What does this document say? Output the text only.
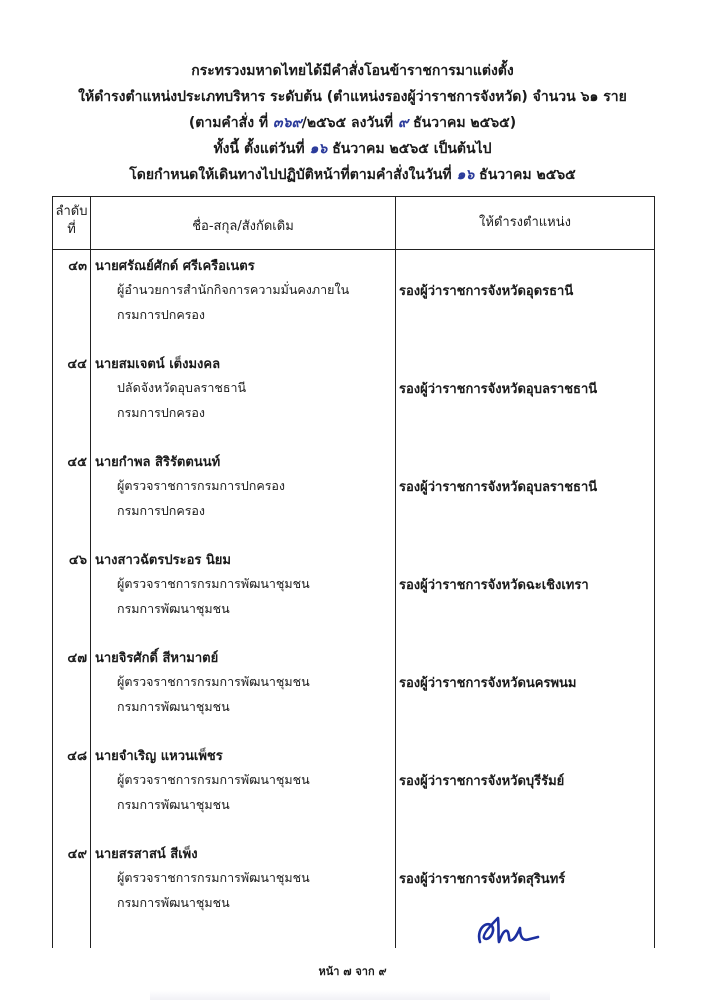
กระทรวงมหาดไทยได้มีคำสั่งโอนข้าราชการมาแต่งตั้ง
ให้ดำรงตำแหน่งประเภทบริหาร ระดับต้น (ตำแหน่งรองผู้ว่าราชการจังหวัด) จำนวน ๖๑ ราย
(ตามคำสั่ง ที่ ๓๖๙/๒๕๖๕ ลงวันที่ ๙ ธันวาคม ๒๕๖๕)
ทั้งนี้ ตั้งแต่วันที่ ๑๖ ธันวาคม ๒๕๖๕ เป็นต้นไป
โดยกำหนดให้เดินทางไปปฏิบัติหน้าที่ตามคำสั่งในวันที่ ๑๖ ธันวาคม ๒๕๖๕
ลำดับ
ที่	ชื่อ-สกุล/สังกัดเดิม	ให้ดำรงตำแหน่ง
๔๓ นายศรัณย์ศักด์ ศรีเครือเนตร
ผู้อำนวยการสำนักกิจการความมั่นคงภายใน
กรมการปกครอง
รองผู้ว่าราชการจังหวัดอุดรธานี
๔๔ นายสมเจตน์ เต็งมงคล
ปลัดจังหวัดอุบลราชธานี
กรมการปกครอง
รองผู้ว่าราชการจังหวัดอุบลราชธานี
๔๕ นายกำพล สิริรัตตนนท์
ผู้ตรวจราชการกรมการปกครอง
กรมการปกครอง
รองผู้ว่าราชการจังหวัดอุบลราชธานี
๔๖ นางสาวฉัตรประอร นิยม
ผู้ตรวจราชการกรมการพัฒนาชุมชน
กรมการพัฒนาชุมชน
รองผู้ว่าราชการจังหวัดฉะเชิงเทรา
๔๗ นายจิรศักดิ์ สีหามาตย์
ผู้ตรวจราชการกรมการพัฒนาชุมชน
กรมการพัฒนาชุมชน
รองผู้ว่าราชการจังหวัดนครพนม
๔๘ นายจำเริญ แหวนเพ็ชร
ผู้ตรวจราชการกรมการพัฒนาชุมชน
กรมการพัฒนาชุมชน
รองผู้ว่าราชการจังหวัดบุรีรัมย์
๔๙ นายสรสาสน์ สีเพ็ง
ผู้ตรวจราชการกรมการพัฒนาชุมชน
กรมการพัฒนาชุมชน
รองผู้ว่าราชการจังหวัดสุรินทร์
หน้า ๗ จาก ๙
